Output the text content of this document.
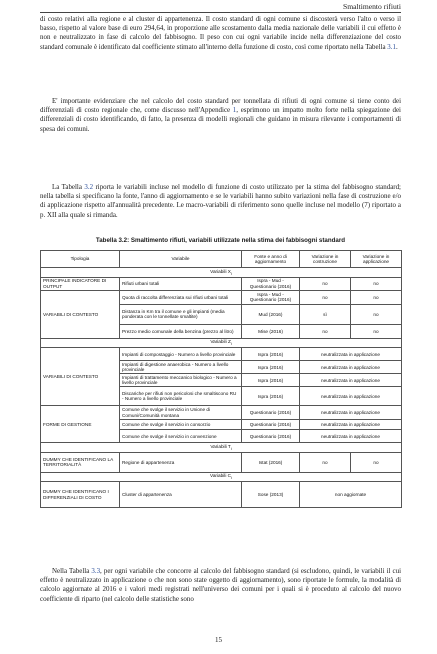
Smaltimento rifiuti

di costo relativi alla regione e al cluster di appartenenza. Il costo standard di ogni comune si discosterà verso l'alto o verso il basso, rispetto al valore base di euro 294,64, in proporzione alle scostamento dalla media nazionale delle variabili il cui effetto è non e neutralizzato in fase di calcolo del fabbisogno. Il peso con cui ogni variabile incide nella differenziazione del costo standard comunale è identificato dal coefficiente stimato all'interno della funzione di costo, così come riportato nella Tabella 3.1.

E' importante evidenziare che nel calcolo del costo standard per tonnellata di rifiuti di ogni comune si tiene conto dei differenziali di costo regionale che, come discusso nell'Appendice 1, esprimono un impatto molto forte nella spiegazione dei differenziali di costo identificando, di fatto, la presenza di modelli regionali che guidano in misura rilevante i comportamenti di spesa dei comuni.

La Tabella 3.2 riporta le variabili incluse nel modello di funzione di costo utilizzato per la stima del fabbisogno standard; nella tabella si specificano la fonte, l'anno di aggiornamento e se le variabili hanno subito variazioni nella fase di costruzione e/o di applicazione rispetto all'annualità precedente. Le macro-variabili di riferimento sono quelle incluse nel modello (7) riportato a p. XII alla quale si rimanda.

Tabella 3.2: Smaltimento rifiuti, variabili utilizzate nella stima dei fabbisogni standard
Tipologia	Variabile	Fonte e anno di aggiornamento	Variazione in costruzione	Variazione in applicazione
Variabili $X_i$
PRINCIPALE INDICATORE DI OUTPUT	Rifiuti urbani totali	Ispra - Mud - Questionario (2016)	no	no
VARIABILI DI CONTESTO	Quota di raccolta differenziata sui rifiuti urbani totali	Ispra - Mud - Questionario (2016)	no	no
	Distanza in Km tra il comune e gli impianti (media ponderata con le tonnellate smaltite)	Mud (2016)	sì	no
	Prezzo medio comunale della benzina (prezzo al litro)	Mise (2016)	no	no
Variabili $Z_i$
VARIABILI DI CONTESTO	Impianti di compostaggio - Numero a livello provinciale	Ispra (2016)	neutralizzata in applicazione	
	Impianti di digestione anaerobica - Numero a livello provinciale	Ispra (2016)	neutralizzata in applicazione	
	Impianti di trattamento meccanico biologico - Numero a livello provinciale	Ispra (2016)	neutralizzata in applicazione	
	Discariche per rifiuti non pericolosi che smaltiscono RU - Numero a livello provinciale	Ispra (2016)	neutralizzata in applicazione	
FORME DI GESTIONE	Comune che svolge il servizio in Unione di Comuni/Comunità montana	Questionario (2016)	neutralizzata in applicazione	
	Comune che svolge il servizio in consorzio	Questionario (2016)	neutralizzata in applicazione	
	Comune che svolge il servizio in convenzione	Questionario (2016)	neutralizzata in applicazione	
Variabili $T_i$
DUMMY CHE IDENTIFICANO LA TERRITORIALITÀ	Regione di appartenenza	Istat (2016)	no	no
Variabili $C_i$
DUMMY CHE IDENTIFICANO I DIFFERENZIALI DI COSTO	Cluster di appartenenza	Sose (2013)	non aggiornate	

Nella Tabella 3.3, per ogni variabile che concorre al calcolo del fabbisogno standard (si escludono, quindi, le variabili il cui effetto è neutralizzato in applicazione o che non sono state oggetto di aggiornamento), sono riportate le formule, la modalità di calcolo aggiornate al 2016 e i valori medi registrati nell'universo dei comuni per i quali si è proceduto al calcolo del nuovo coefficiente di riparto (nel calcolo delle statistiche sono

15
